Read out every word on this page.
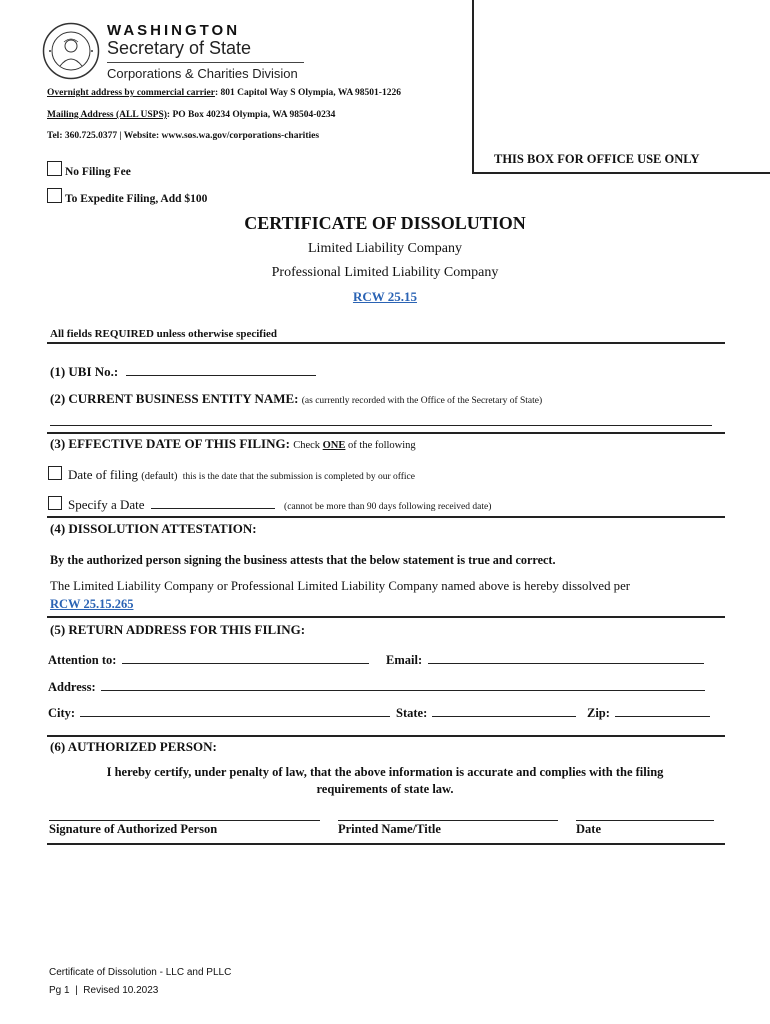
THIS BOX FOR OFFICE USE ONLY
WASHINGTON
Secretary of State
Corporations & Charities Division
Overnight address by commercial carrier: 801 Capitol Way S Olympia, WA 98501-1226
Mailing Address (ALL USPS): PO Box 40234 Olympia, WA 98504-0234
Tel: 360.725.0377 | Website: www.sos.wa.gov/corporations-charities
No Filing Fee
To Expedite Filing, Add $100
CERTIFICATE OF DISSOLUTION
Limited Liability Company
Professional Limited Liability Company
RCW 25.15
All fields REQUIRED unless otherwise specified
(1) UBI No.:
(2) CURRENT BUSINESS ENTITY NAME: (as currently recorded with the Office of the Secretary of State)
(3) EFFECTIVE DATE OF THIS FILING: Check ONE of the following
Date of filing (default) this is the date that the submission is completed by our office
Specify a Date	(cannot be more than 90 days following received date)
(4) DISSOLUTION ATTESTATION:
By the authorized person signing the business attests that the below statement is true and correct.
The Limited Liability Company or Professional Limited Liability Company named above is hereby dissolved per
RCW 25.15.265
(5) RETURN ADDRESS FOR THIS FILING:
Attention to:	Email:
Address:
City:	State:	Zip:
(6) AUTHORIZED PERSON:
I hereby certify, under penalty of law, that the above information is accurate and complies with the filing
requirements of state law.
Signature of Authorized Person	Printed Name/Title	Date
Certificate of Dissolution - LLC and PLLC
Pg 1  |  Revised 10.2023
